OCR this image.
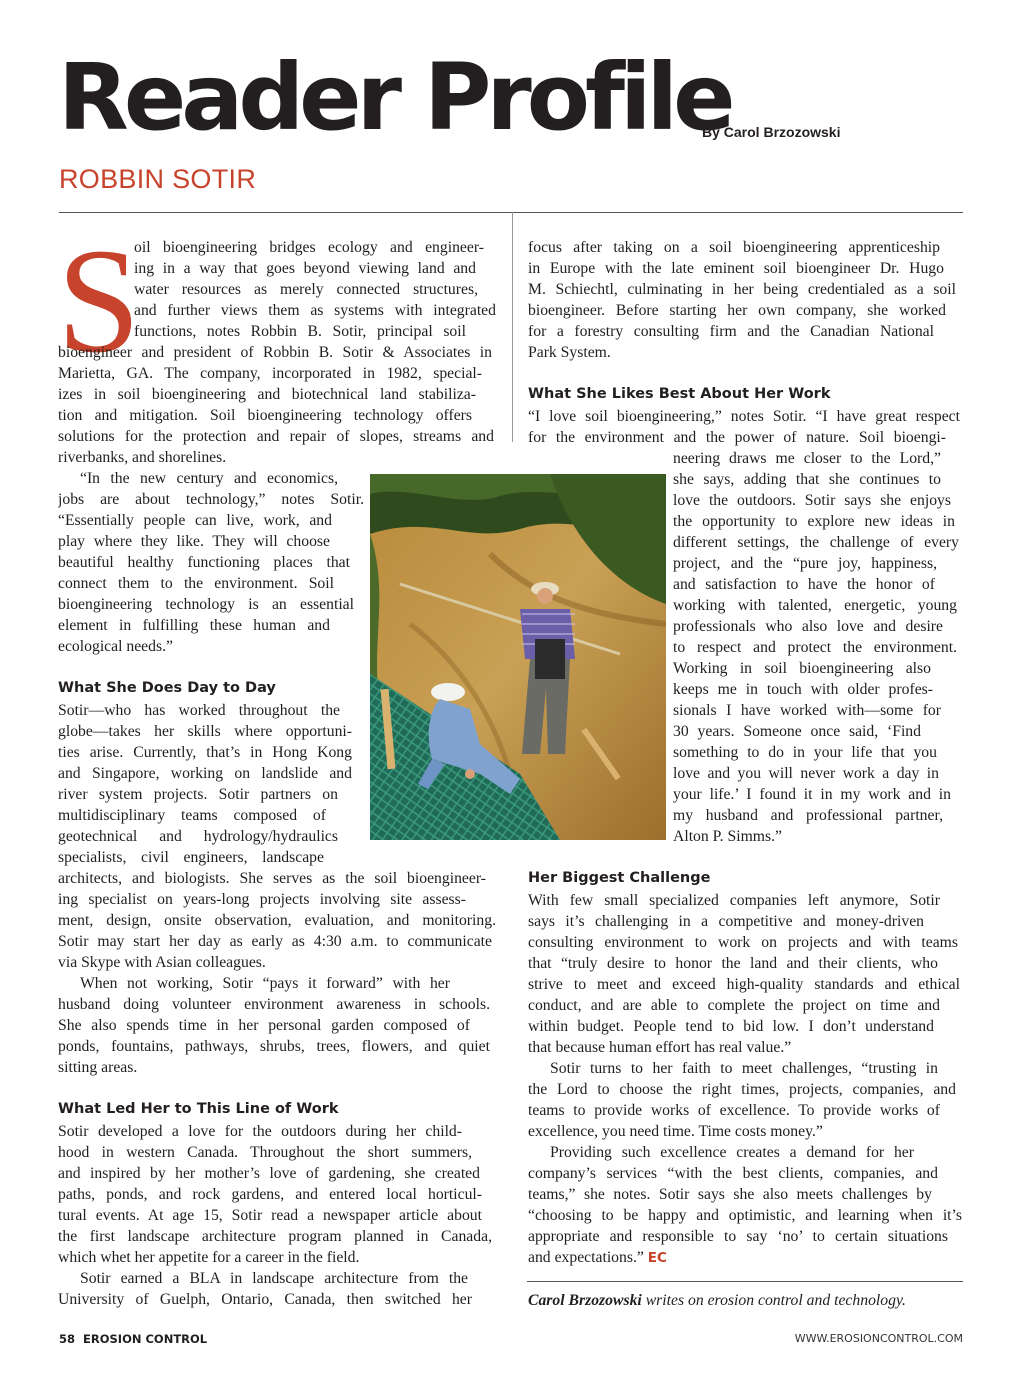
Reader Profile
By Carol Brzozowski
ROBBIN SOTIR
S
oil bioengineering bridges ecology and engineer-
ing in a way that goes beyond viewing land and
water resources as merely connected structures,
and further views them as systems with integrated
functions, notes Robbin B. Sotir, principal soil
bioengineer and president of Robbin B. Sotir & Associates in
Marietta, GA. The company, incorporated in 1982, special-
izes in soil bioengineering and biotechnical land stabiliza-
tion and mitigation. Soil bioengineering technology offers
solutions for the protection and repair of slopes, streams and
riverbanks, and shorelines.
“In the new century and economics,
jobs are about technology,” notes Sotir.
“Essentially people can live, work, and
play where they like. They will choose
beautiful healthy functioning places that
connect them to the environment. Soil
bioengineering technology is an essential
element in fulfilling these human and
ecological needs.”
What She Does Day to Day
Sotir—who has worked throughout the
globe—takes her skills where opportuni-
ties arise. Currently, that’s in Hong Kong
and Singapore, working on landslide and
river system projects. Sotir partners on
multidisciplinary teams composed of
geotechnical and hydrology/hydraulics
specialists, civil engineers, landscape
architects, and biologists. She serves as the soil bioengineer-
ing specialist on years-long projects involving site assess-
ment, design, onsite observation, evaluation, and monitoring.
Sotir may start her day as early as 4:30 a.m. to communicate
via Skype with Asian colleagues.
When not working, Sotir “pays it forward” with her
husband doing volunteer environment awareness in schools.
She also spends time in her personal garden composed of
ponds, fountains, pathways, shrubs, trees, flowers, and quiet
sitting areas.
What Led Her to This Line of Work
Sotir developed a love for the outdoors during her child-
hood in western Canada. Throughout the short summers,
and inspired by her mother’s love of gardening, she created
paths, ponds, and rock gardens, and entered local horticul-
tural events. At age 15, Sotir read a newspaper article about
the first landscape architecture program planned in Canada,
which whet her appetite for a career in the field.
Sotir earned a BLA in landscape architecture from the
University of Guelph, Ontario, Canada, then switched her
focus after taking on a soil bioengineering apprenticeship
in Europe with the late eminent soil bioengineer Dr. Hugo
M. Schiechtl, culminating in her being credentialed as a soil
bioengineer. Before starting her own company, she worked
for a forestry consulting firm and the Canadian National
Park System.
What She Likes Best About Her Work
“I love soil bioengineering,” notes Sotir. “I have great respect
for the environment and the power of nature. Soil bioengi-
neering draws me closer to the Lord,”
she says, adding that she continues to
love the outdoors. Sotir says she enjoys
the opportunity to explore new ideas in
different settings, the challenge of every
project, and the “pure joy, happiness,
and satisfaction to have the honor of
working with talented, energetic, young
professionals who also love and desire
to respect and protect the environment.
Working in soil bioengineering also
keeps me in touch with older profes-
sionals I have worked with—some for
30 years. Someone once said, ‘Find
something to do in your life that you
love and you will never work a day in
your life.’ I found it in my work and in
my husband and professional partner,
Alton P. Simms.”
Her Biggest Challenge
With few small specialized companies left anymore, Sotir
says it’s challenging in a competitive and money-driven
consulting environment to work on projects and with teams
that “truly desire to honor the land and their clients, who
strive to meet and exceed high-quality standards and ethical
conduct, and are able to complete the project on time and
within budget. People tend to bid low. I don’t understand
that because human effort has real value.”
Sotir turns to her faith to meet challenges, “trusting in
the Lord to choose the right times, projects, companies, and
teams to provide works of excellence. To provide works of
excellence, you need time. Time costs money.”
Providing such excellence creates a demand for her
company’s services “with the best clients, companies, and
teams,” she notes. Sotir says she also meets challenges by
“choosing to be happy and optimistic, and learning when it’s
appropriate and responsible to say ‘no’ to certain situations
and expectations.” EC
Carol Brzozowski writes on erosion control and technology.
58 EROSION CONTROL	WWW.EROSIONCONTROL.COM
